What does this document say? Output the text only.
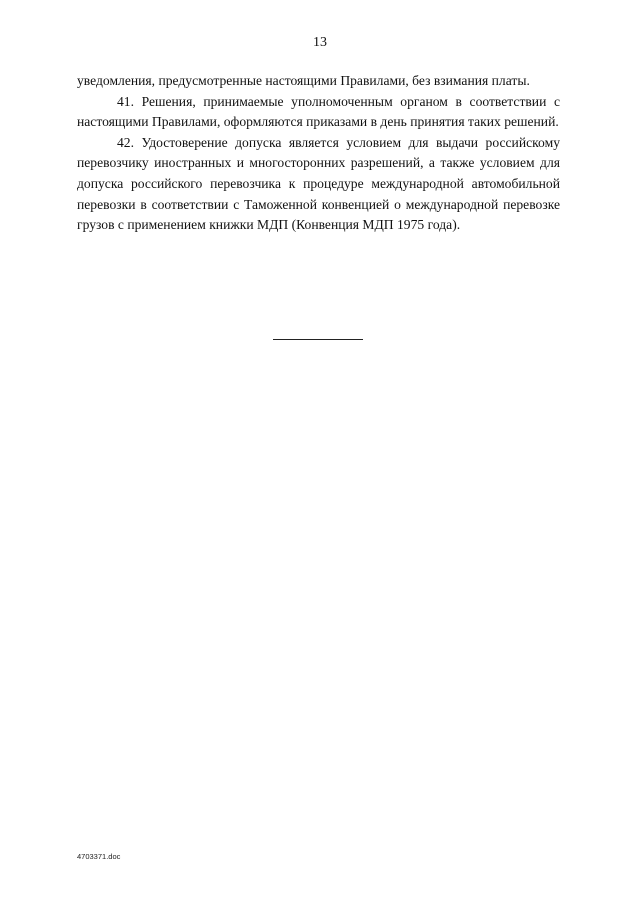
13

уведомления, предусмотренные настоящими Правилами, без взимания платы.

41. Решения, принимаемые уполномоченным органом в соответствии с настоящими Правилами, оформляются приказами в день принятия таких решений.

42. Удостоверение допуска является условием для выдачи российскому перевозчику иностранных и многосторонних разрешений, а также условием для допуска российского перевозчика к процедуре международной автомобильной перевозки в соответствии с Таможенной конвенцией о международной перевозке грузов с применением книжки МДП (Конвенция МДП 1975 года).

4703371.doc
